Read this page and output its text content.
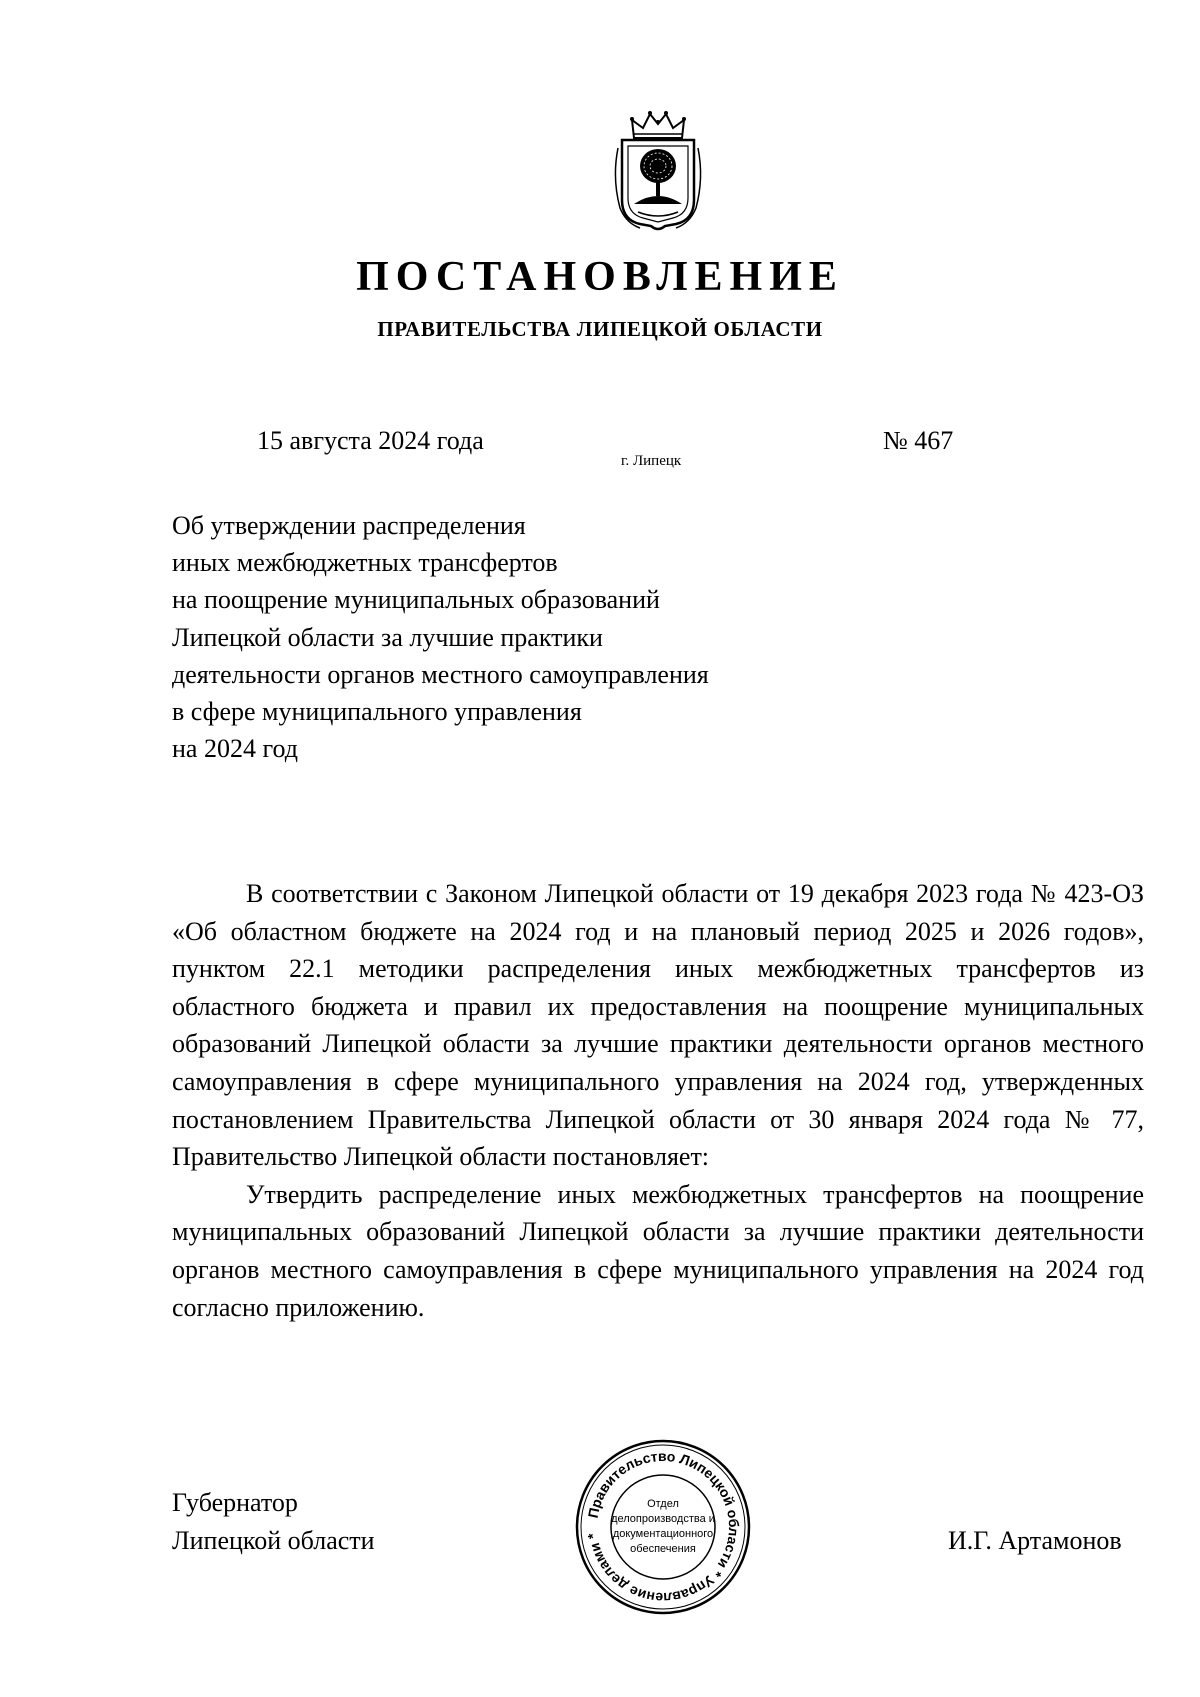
ПОСТАНОВЛЕНИЕ
ПРАВИТЕЛЬСТВА ЛИПЕЦКОЙ ОБЛАСТИ
15 августа 2024 года
г. Липецк
№ 467
Об утверждении распределения
иных межбюджетных трансфертов
на поощрение муниципальных образований
Липецкой области за лучшие практики
деятельности органов местного самоуправления
в сфере муниципального управления
на 2024 год

В соответствии с Законом Липецкой области от 19 декабря 2023 года № 423-ОЗ «Об областном бюджете на 2024 год и на плановый период 2025 и 2026 годов», пунктом 22.1 методики распределения иных межбюджетных трансфертов из областного бюджета и правил их предоставления на поощрение муниципальных образований Липецкой области за лучшие практики деятельности органов местного самоуправления в сфере муниципального управления на 2024 год, утвержденных постановлением Правительства Липецкой области от 30 января 2024 года № 77, Правительство Липецкой области постановляет:

Утвердить распределение иных межбюджетных трансфертов на поощрение муниципальных образований Липецкой области за лучшие практики деятельности органов местного самоуправления в сфере муниципального управления на 2024 год согласно приложению.

Губернатор
Липецкой области	И.Г. Артамонов
Правительство Липецкой области * Управление делами *
Отдел
делопроизводства и
документационного
обеспечения
